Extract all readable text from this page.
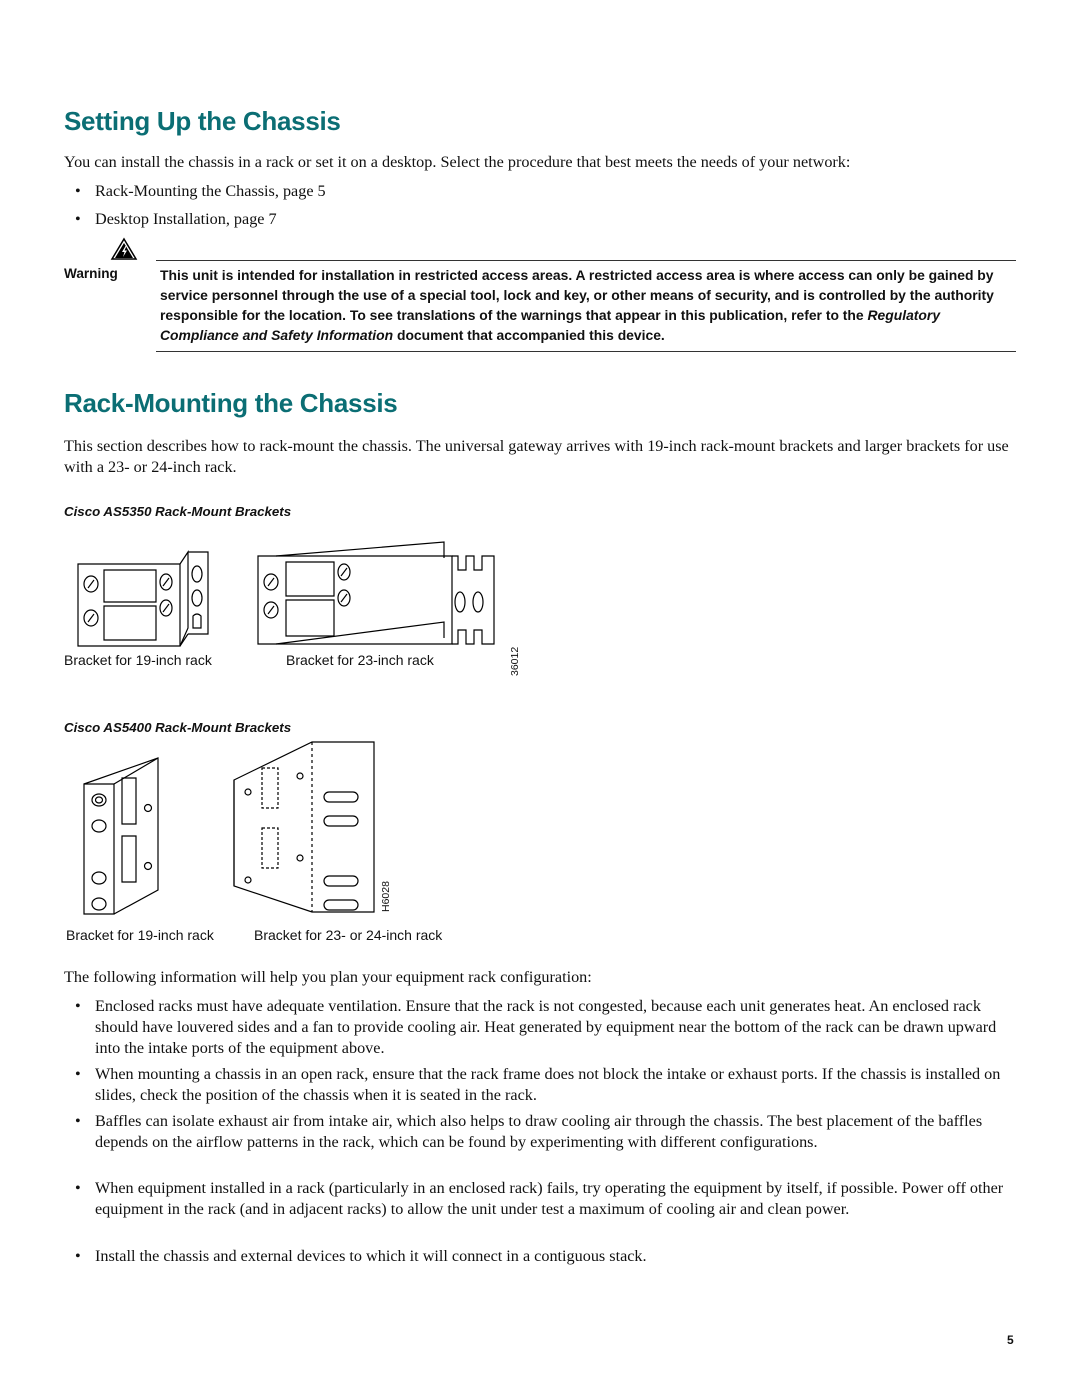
Setting Up the Chassis

You can install the chassis in a rack or set it on a desktop. Select the procedure that best meets the needs of your network:

• Rack-Mounting the Chassis, page 5
• Desktop Installation, page 7
Warning	This unit is intended for installation in restricted access areas. A restricted access area is where access can only be gained by service personnel through the use of a special tool, lock and key, or other means of security, and is controlled by the authority responsible for the location. To see translations of the warnings that appear in this publication, refer to the Regulatory Compliance and Safety Information document that accompanied this device.
Rack-Mounting the Chassis

This section describes how to rack-mount the chassis. The universal gateway arrives with 19-inch rack-mount brackets and larger brackets for use with a 23- or 24-inch rack.

Cisco AS5350 Rack-Mount Brackets
Bracket for 19-inch rack	Bracket for 23-inch rack	36012
Cisco AS5400 Rack-Mount Brackets
Bracket for 19-inch rack	Bracket for 23- or 24-inch rack
H6028

The following information will help you plan your equipment rack configuration:

• Enclosed racks must have adequate ventilation. Ensure that the rack is not congested, because each unit generates heat. An enclosed rack should have louvered sides and a fan to provide cooling air. Heat generated by equipment near the bottom of the rack can be drawn upward into the intake ports of the equipment above.
• When mounting a chassis in an open rack, ensure that the rack frame does not block the intake or exhaust ports. If the chassis is installed on slides, check the position of the chassis when it is seated in the rack.
• Baffles can isolate exhaust air from intake air, which also helps to draw cooling air through the chassis. The best placement of the baffles depends on the airflow patterns in the rack, which can be found by experimenting with different configurations.
• When equipment installed in a rack (particularly in an enclosed rack) fails, try operating the equipment by itself, if possible. Power off other equipment in the rack (and in adjacent racks) to allow the unit under test a maximum of cooling air and clean power.
• Install the chassis and external devices to which it will connect in a contiguous stack.
5
